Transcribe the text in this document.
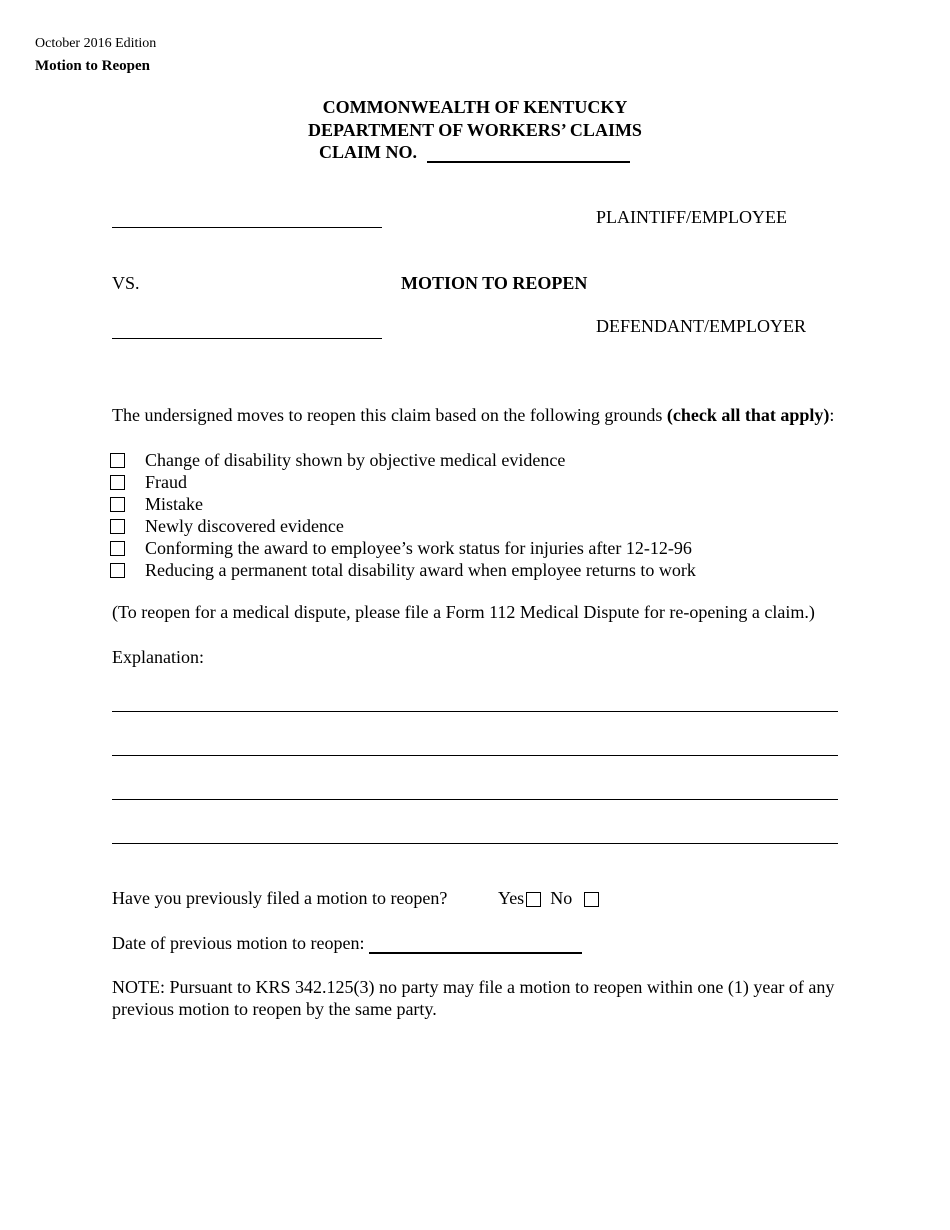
October 2016 Edition
Motion to Reopen
COMMONWEALTH OF KENTUCKY
DEPARTMENT OF WORKERS’ CLAIMS
CLAIM NO.
PLAINTIFF/EMPLOYEE
VS.	MOTION TO REOPEN
DEFENDANT/EMPLOYER
The undersigned moves to reopen this claim based on the following grounds (check all that apply):
Change of disability shown by objective medical evidence
Fraud
Mistake
Newly discovered evidence
Conforming the award to employee’s work status for injuries after 12-12-96
Reducing a permanent total disability award when employee returns to work
(To reopen for a medical dispute, please file a Form 112 Medical Dispute for re-opening a claim.)
Explanation:
Have you previously filed a motion to reopen?	Yes No
Date of previous motion to reopen:
NOTE: Pursuant to KRS 342.125(3) no party may file a motion to reopen within one (1) year of any previous motion to reopen by the same party.
